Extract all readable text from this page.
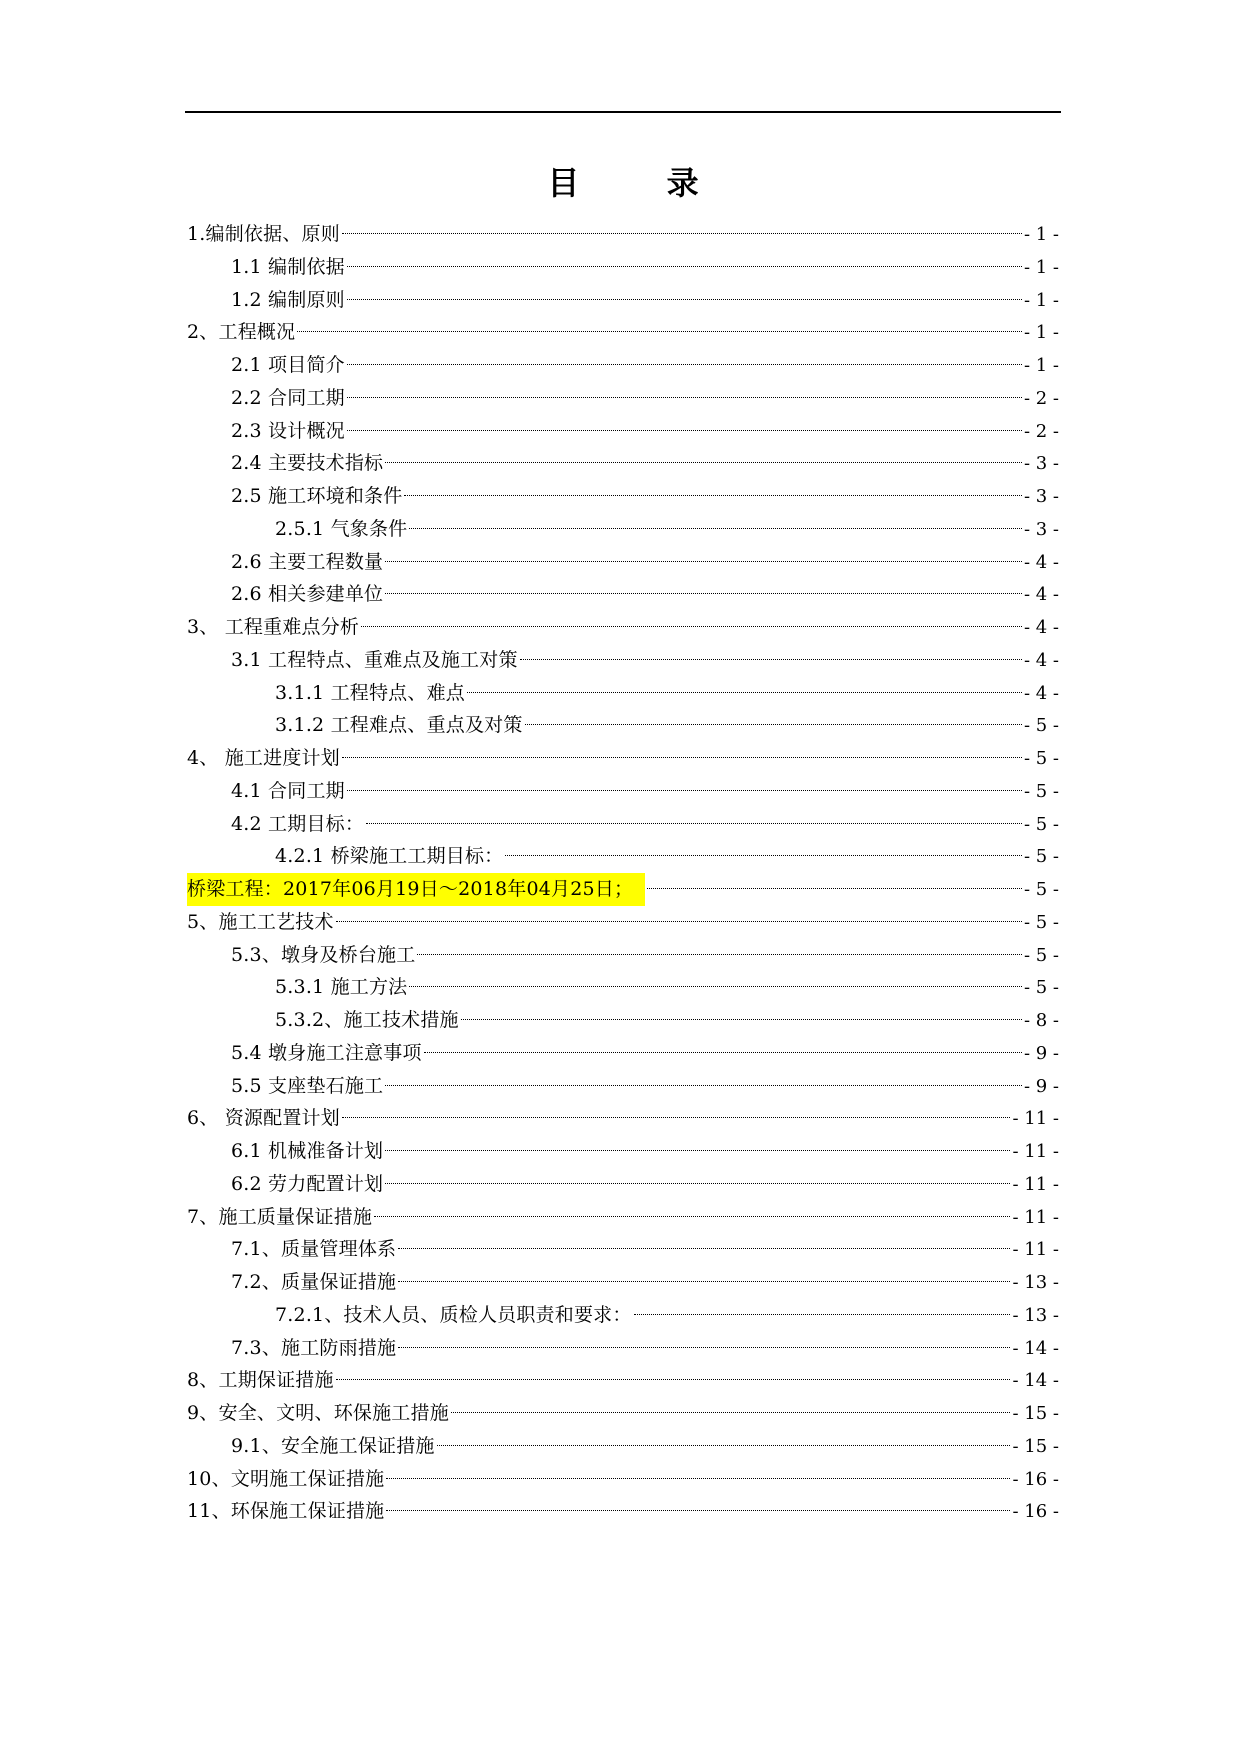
目 录
1.编制依据、原则	- 1 -
1.1 编制依据	- 1 -
1.2 编制原则	- 1 -
2、工程概况	- 1 -
2.1 项目简介	- 1 -
2.2 合同工期	- 2 -
2.3 设计概况	- 2 -
2.4 主要技术指标	- 3 -
2.5 施工环境和条件	- 3 -
2.5.1 气象条件	- 3 -
2.6 主要工程数量	- 4 -
2.6 相关参建单位	- 4 -
3、 工程重难点分析	- 4 -
3.1 工程特点、重难点及施工对策	- 4 -
3.1.1 工程特点、难点	- 4 -
3.1.2 工程难点、重点及对策	- 5 -
4、 施工进度计划	- 5 -
4.1 合同工期	- 5 -
4.2 工期目标：	- 5 -
4.2.1 桥梁施工工期目标：	- 5 -
桥梁工程：2017年06月19日～2018年04月25日；	- 5 -
5、施工工艺技术	- 5 -
5.3、墩身及桥台施工	- 5 -
5.3.1 施工方法	- 5 -
5.3.2、施工技术措施	- 8 -
5.4 墩身施工注意事项	- 9 -
5.5 支座垫石施工	- 9 -
6、 资源配置计划	- 11 -
6.1 机械准备计划	- 11 -
6.2 劳力配置计划	- 11 -
7、施工质量保证措施	- 11 -
7.1、质量管理体系	- 11 -
7.2、质量保证措施	- 13 -
7.2.1、技术人员、质检人员职责和要求：	- 13 -
7.3、施工防雨措施	- 14 -
8、工期保证措施	- 14 -
9、安全、文明、环保施工措施	- 15 -
9.1、安全施工保证措施	- 15 -
10、文明施工保证措施	- 16 -
11、环保施工保证措施	- 16 -
